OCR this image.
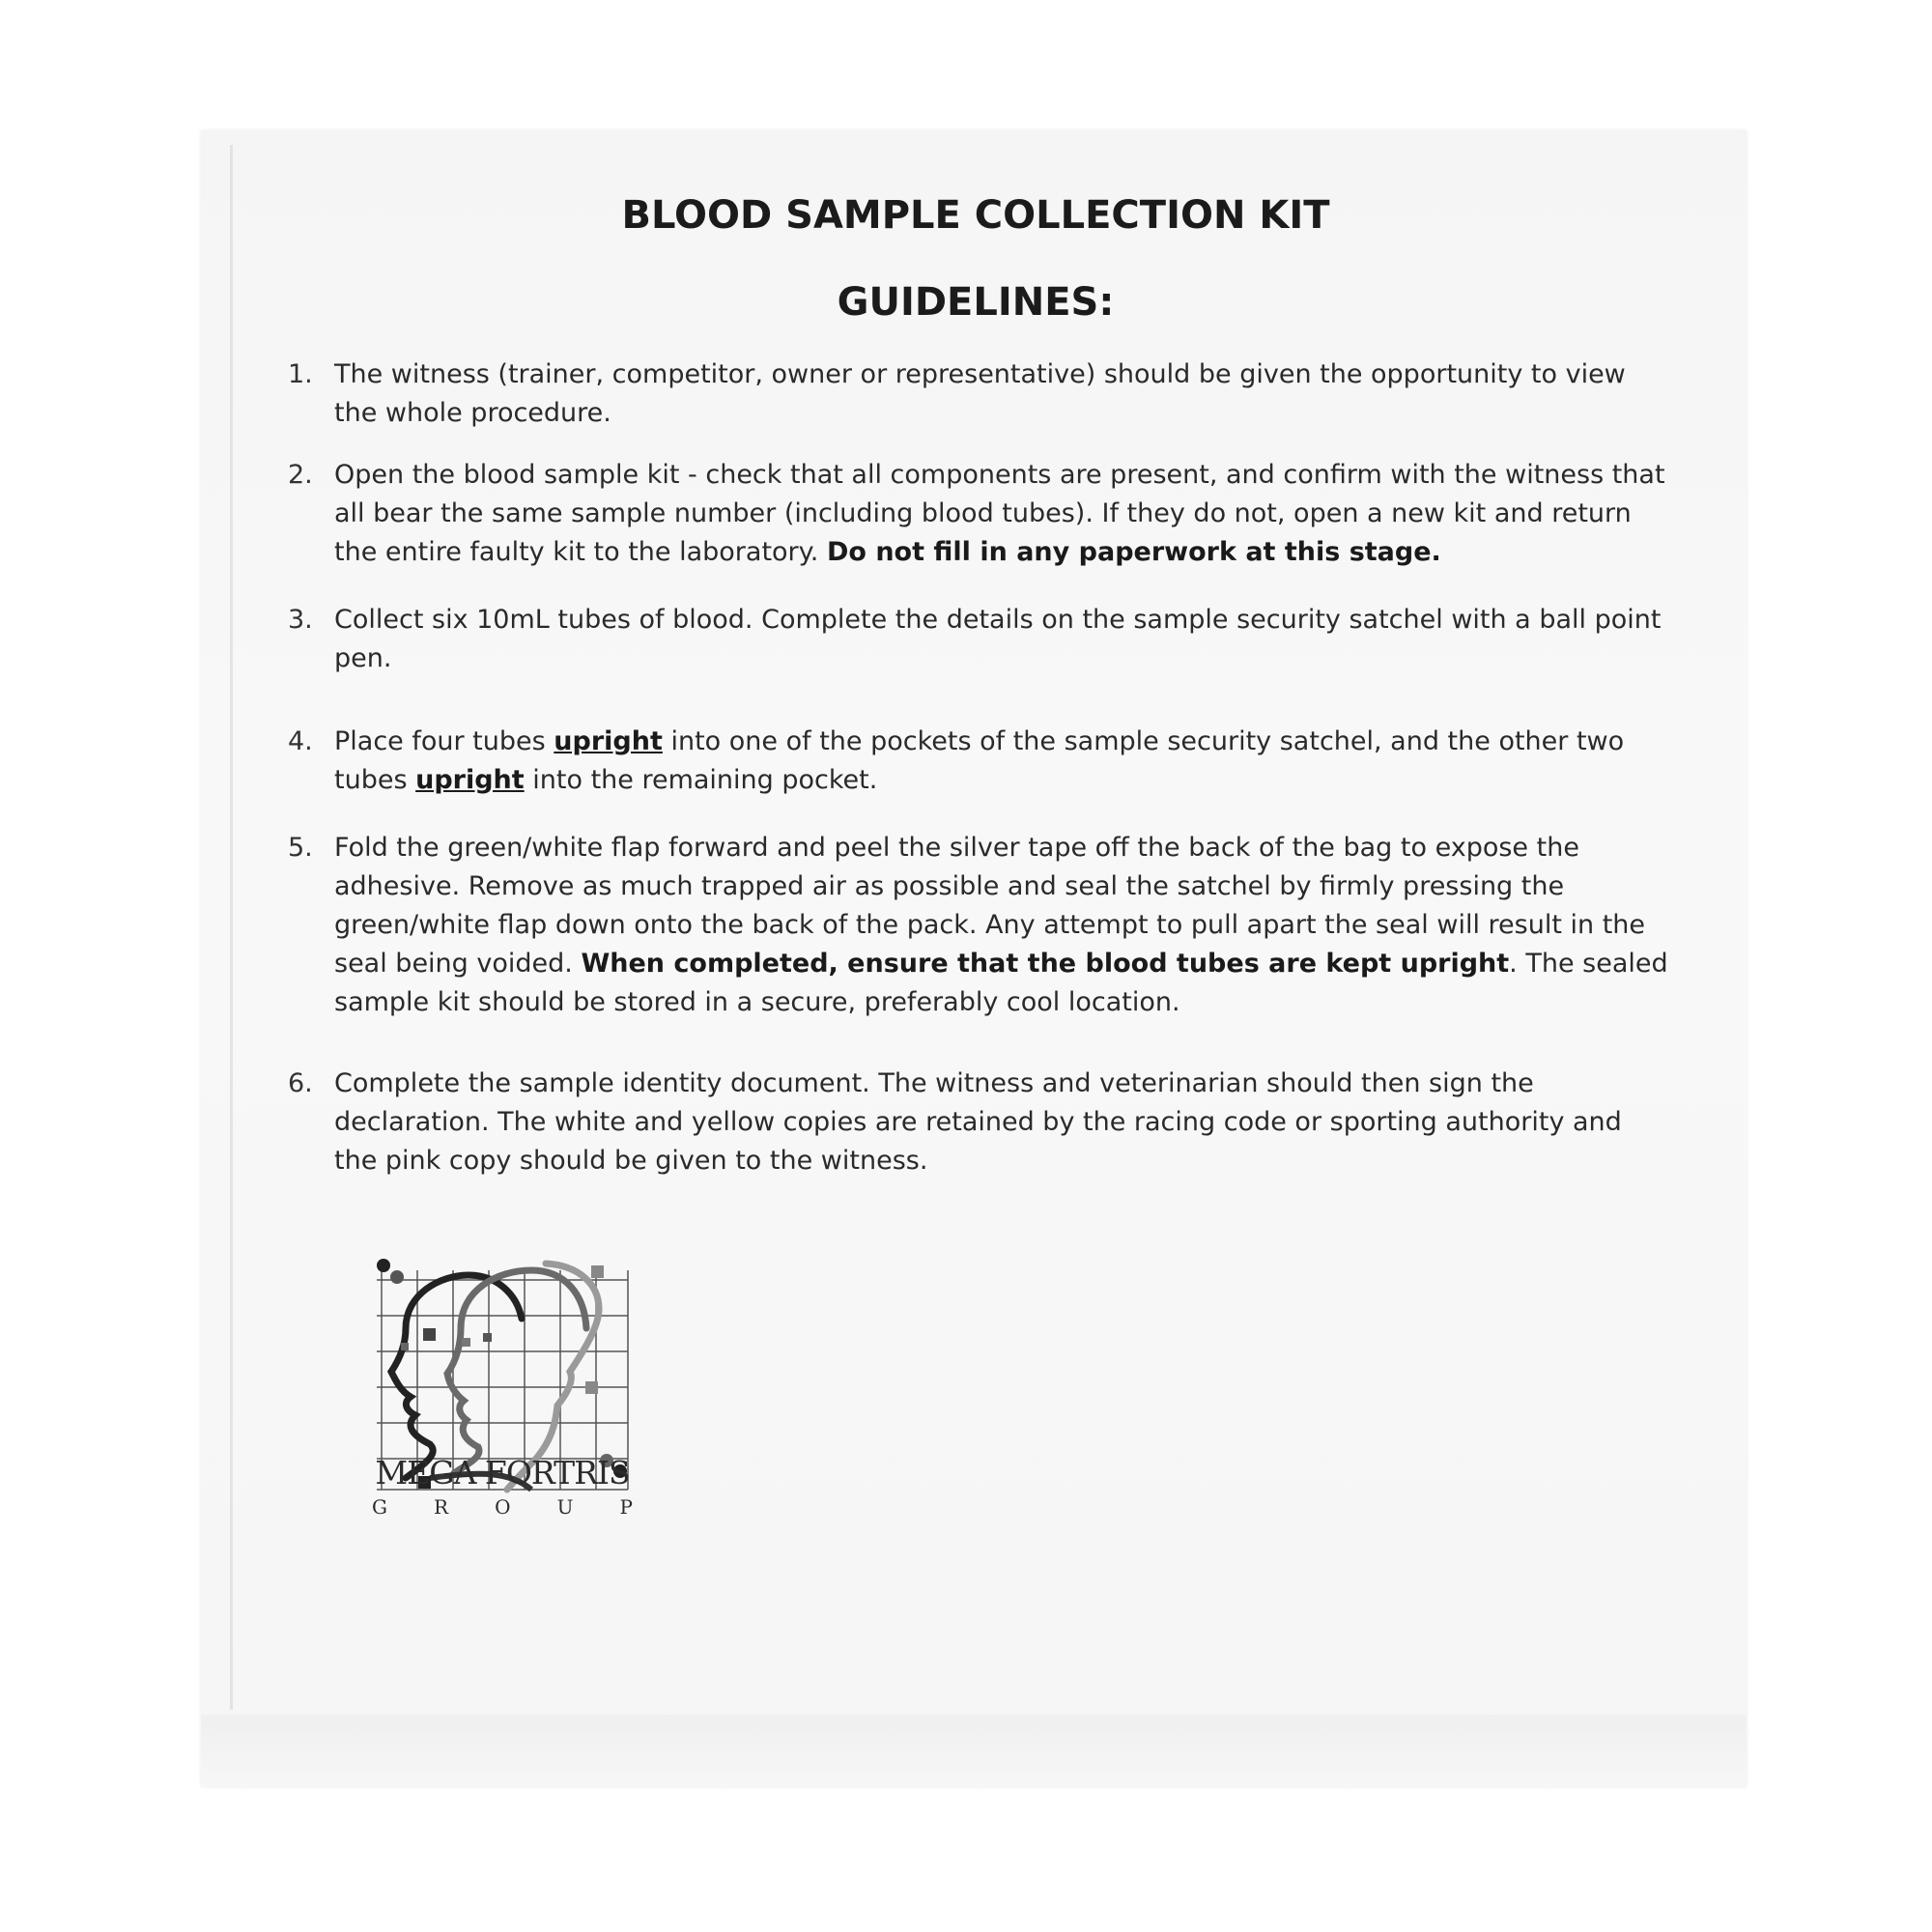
BLOOD SAMPLE COLLECTION KIT
GUIDELINES:
1. The witness (trainer, competitor, owner or representative) should be given the opportunity to view the whole procedure.
2. Open the blood sample kit - check that all components are present, and confirm with the witness that all bear the same sample number (including blood tubes). If they do not, open a new kit and return the entire faulty kit to the laboratory. Do not fill in any paperwork at this stage.
3. Collect six 10mL tubes of blood. Complete the details on the sample security satchel with a ball point pen.
4. Place four tubes upright into one of the pockets of the sample security satchel, and the other two tubes upright into the remaining pocket.
5. Fold the green/white flap forward and peel the silver tape off the back of the bag to expose the adhesive. Remove as much trapped air as possible and seal the satchel by firmly pressing the green/white flap down onto the back of the pack. Any attempt to pull apart the seal will result in the seal being voided. When completed, ensure that the blood tubes are kept upright. The sealed sample kit should be stored in a secure, preferably cool location.
6. Complete the sample identity document. The witness and veterinarian should then sign the declaration. The white and yellow copies are retained by the racing code or sporting authority and the pink copy should be given to the witness.
MEGA FORTRIS
G R O U P
